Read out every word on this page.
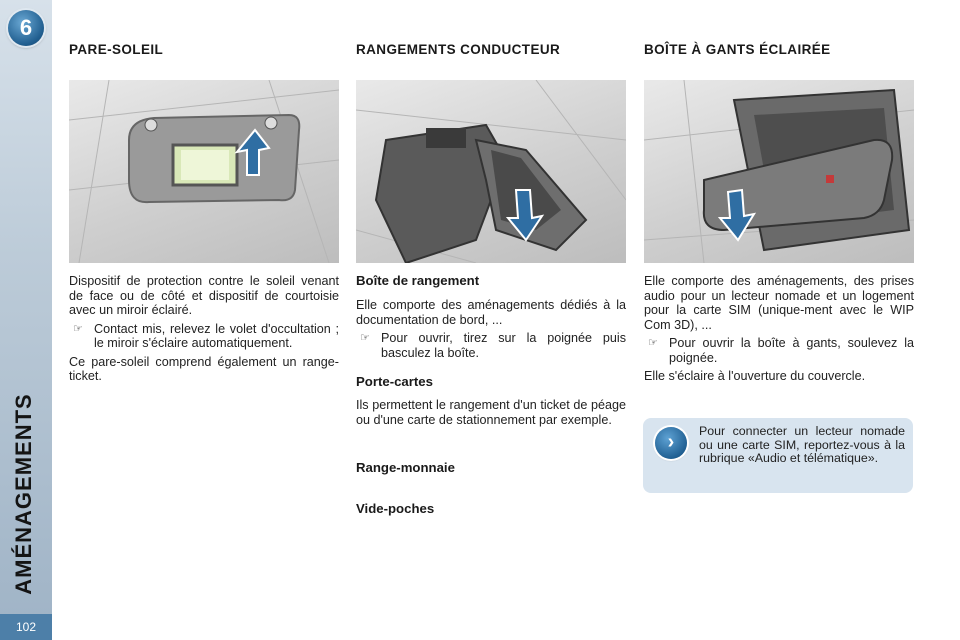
6
AMÉNAGEMENTS
102
PARE-SOLEIL

Dispositif de protection contre le soleil venant de face ou de côté et dispositif de courtoisie avec un miroir éclairé.

☞ Contact mis, relevez le volet d'occultation ; le miroir s'éclaire automatiquement.

Ce pare-soleil comprend également un range-ticket.

RANGEMENTS CONDUCTEUR
Boîte de rangement

Elle comporte des aménagements dédiés à la documentation de bord, ...

☞ Pour ouvrir, tirez sur la poignée puis basculez la boîte.
Porte-cartes

Ils permettent le rangement d'un ticket de péage ou d'une carte de stationnement par exemple.

Range-monnaie
Vide-poches
BOÎTE À GANTS ÉCLAIRÉE

Elle comporte des aménagements, des prises audio pour un lecteur nomade et un logement pour la carte SIM (unique-ment avec le WIP Com 3D), ...

☞ Pour ouvrir la boîte à gants, soulevez la poignée.

Elle s'éclaire à l'ouverture du couvercle.

›	Pour connecter un lecteur nomade ou une carte SIM, reportez-vous à la rubrique «Audio et télématique».
